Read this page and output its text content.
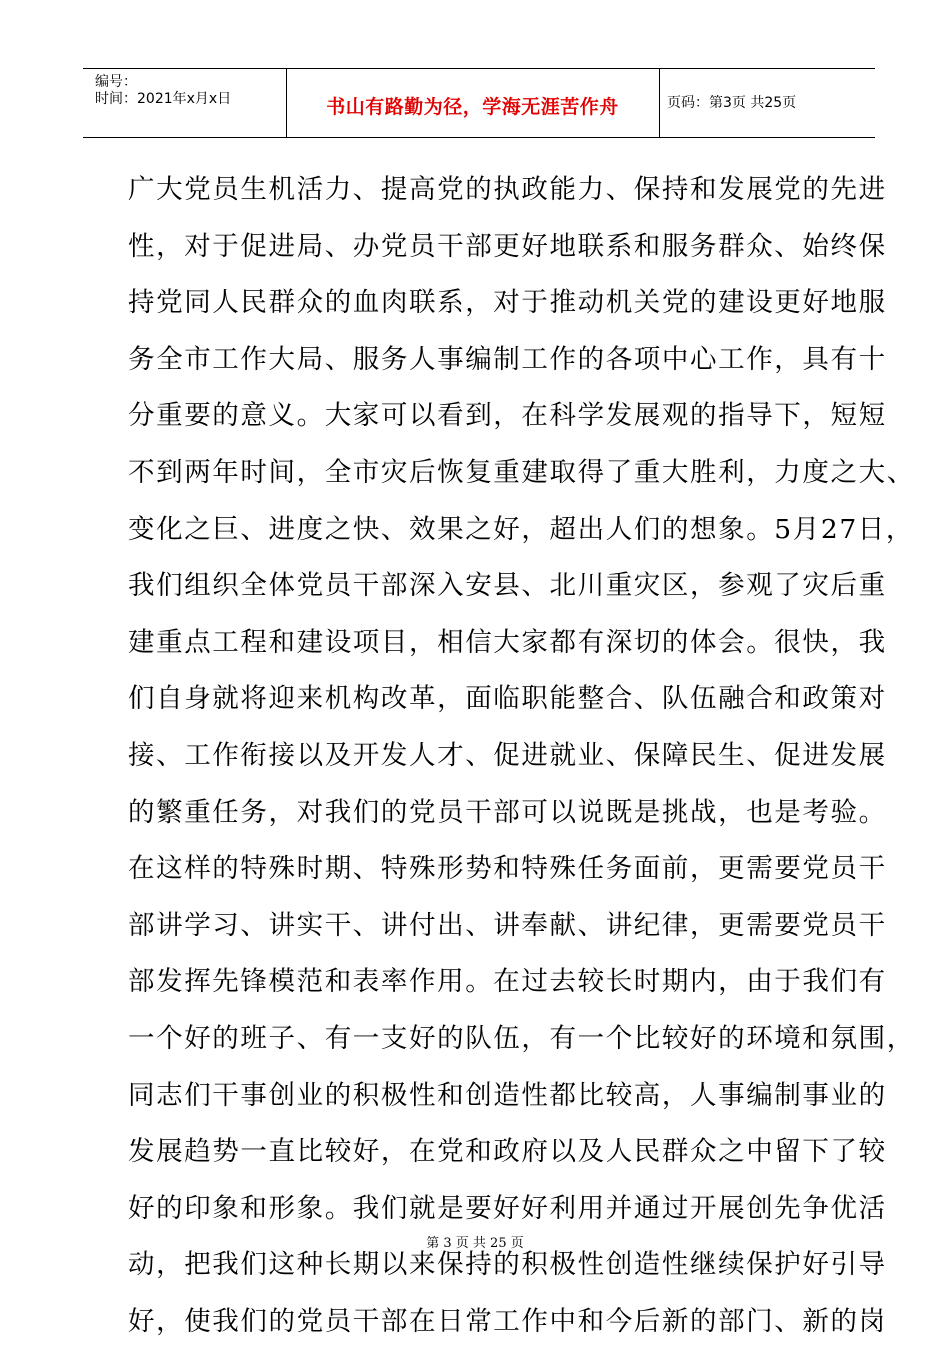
编号：
时间：2021年x月x日	书山有路勤为径，学海无涯苦作舟	页码：第3页 共25页
广大党员生机活力、提高党的执政能力、保持和发展党的先进
性，对于促进局、办党员干部更好地联系和服务群众、始终保
持党同人民群众的血肉联系，对于推动机关党的建设更好地服
务全市工作大局、服务人事编制工作的各项中心工作，具有十
分重要的意义。大家可以看到，在科学发展观的指导下，短短
不到两年时间，全市灾后恢复重建取得了重大胜利，力度之大、
变化之巨、进度之快、效果之好，超出人们的想象。5月27日，
我们组织全体党员干部深入安县、北川重灾区，参观了灾后重
建重点工程和建设项目，相信大家都有深切的体会。很快，我
们自身就将迎来机构改革，面临职能整合、队伍融合和政策对
接、工作衔接以及开发人才、促进就业、保障民生、促进发展
的繁重任务，对我们的党员干部可以说既是挑战，也是考验。
在这样的特殊时期、特殊形势和特殊任务面前，更需要党员干
部讲学习、讲实干、讲付出、讲奉献、讲纪律，更需要党员干
部发挥先锋模范和表率作用。在过去较长时期内，由于我们有
一个好的班子、有一支好的队伍，有一个比较好的环境和氛围，
同志们干事创业的积极性和创造性都比较高，人事编制事业的
发展趋势一直比较好，在党和政府以及人民群众之中留下了较
好的印象和形象。我们就是要好好利用并通过开展创先争优活
动，把我们这种长期以来保持的积极性创造性继续保护好引导
好，使我们的党员干部在日常工作中和今后新的部门、新的岗
第 3 页 共 25 页
